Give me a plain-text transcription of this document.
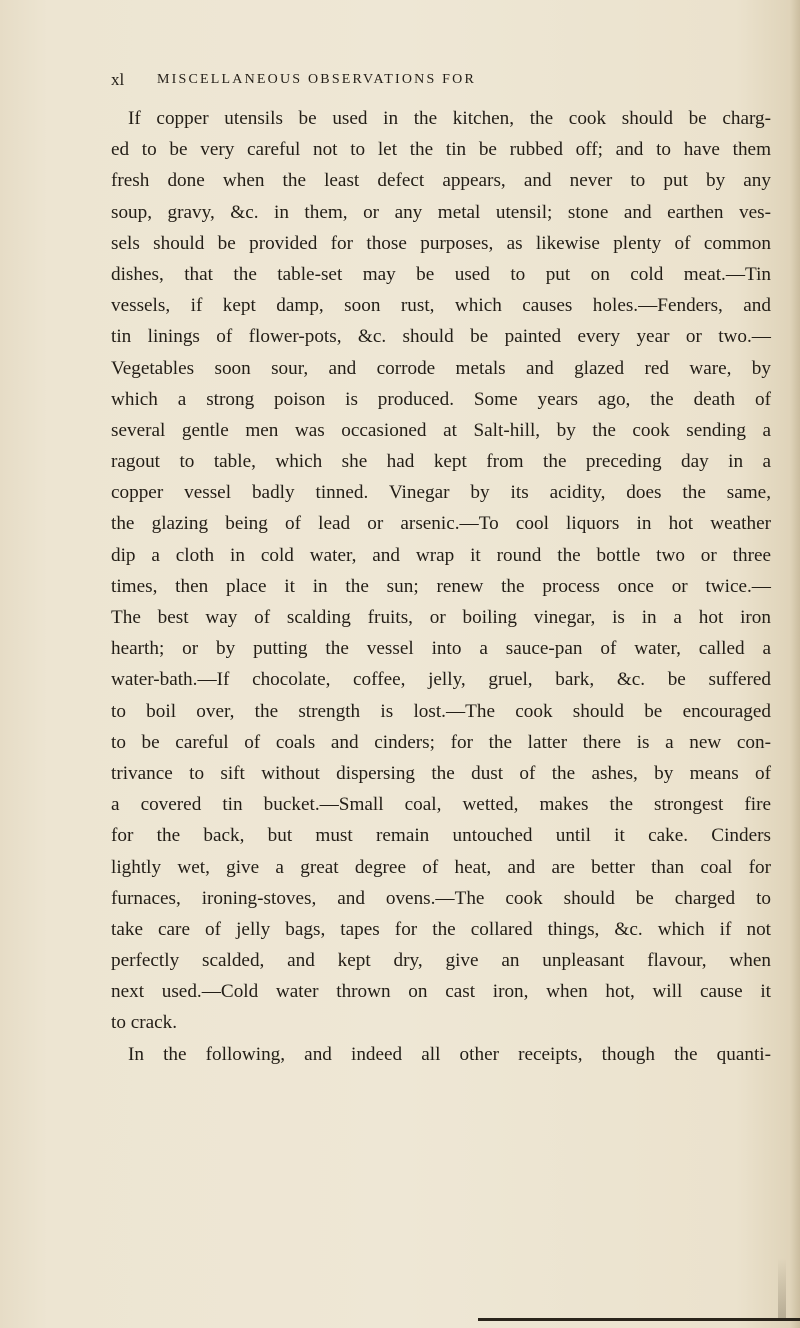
xl MISCELLANEOUS OBSERVATIONS FOR
If copper utensils be used in the kitchen, the cook should be charg-
ed to be very careful not to let the tin be rubbed off; and to have them
fresh done when the least defect appears, and never to put by any
soup, gravy, &c. in them, or any metal utensil; stone and earthen ves-
sels should be provided for those purposes, as likewise plenty of common
dishes, that the table-set may be used to put on cold meat.—Tin
vessels, if kept damp, soon rust, which causes holes.—Fenders, and
tin linings of flower-pots, &c. should be painted every year or two.—
Vegetables soon sour, and corrode metals and glazed red ware, by
which a strong poison is produced. Some years ago, the death of
several gentle men was occasioned at Salt-hill, by the cook sending a
ragout to table, which she had kept from the preceding day in a
copper vessel badly tinned. Vinegar by its acidity, does the same,
the glazing being of lead or arsenic.—To cool liquors in hot weather
dip a cloth in cold water, and wrap it round the bottle two or three
times, then place it in the sun; renew the process once or twice.—
The best way of scalding fruits, or boiling vinegar, is in a hot iron
hearth; or by putting the vessel into a sauce-pan of water, called a
water-bath.—If chocolate, coffee, jelly, gruel, bark, &c. be suffered
to boil over, the strength is lost.—The cook should be encouraged
to be careful of coals and cinders; for the latter there is a new con-
trivance to sift without dispersing the dust of the ashes, by means of
a covered tin bucket.—Small coal, wetted, makes the strongest fire
for the back, but must remain untouched until it cake. Cinders
lightly wet, give a great degree of heat, and are better than coal for
furnaces, ironing-stoves, and ovens.—The cook should be charged to
take care of jelly bags, tapes for the collared things, &c. which if not
perfectly scalded, and kept dry, give an unpleasant flavour, when
next used.—Cold water thrown on cast iron, when hot, will cause it
to crack.
In the following, and indeed all other receipts, though the quanti-
